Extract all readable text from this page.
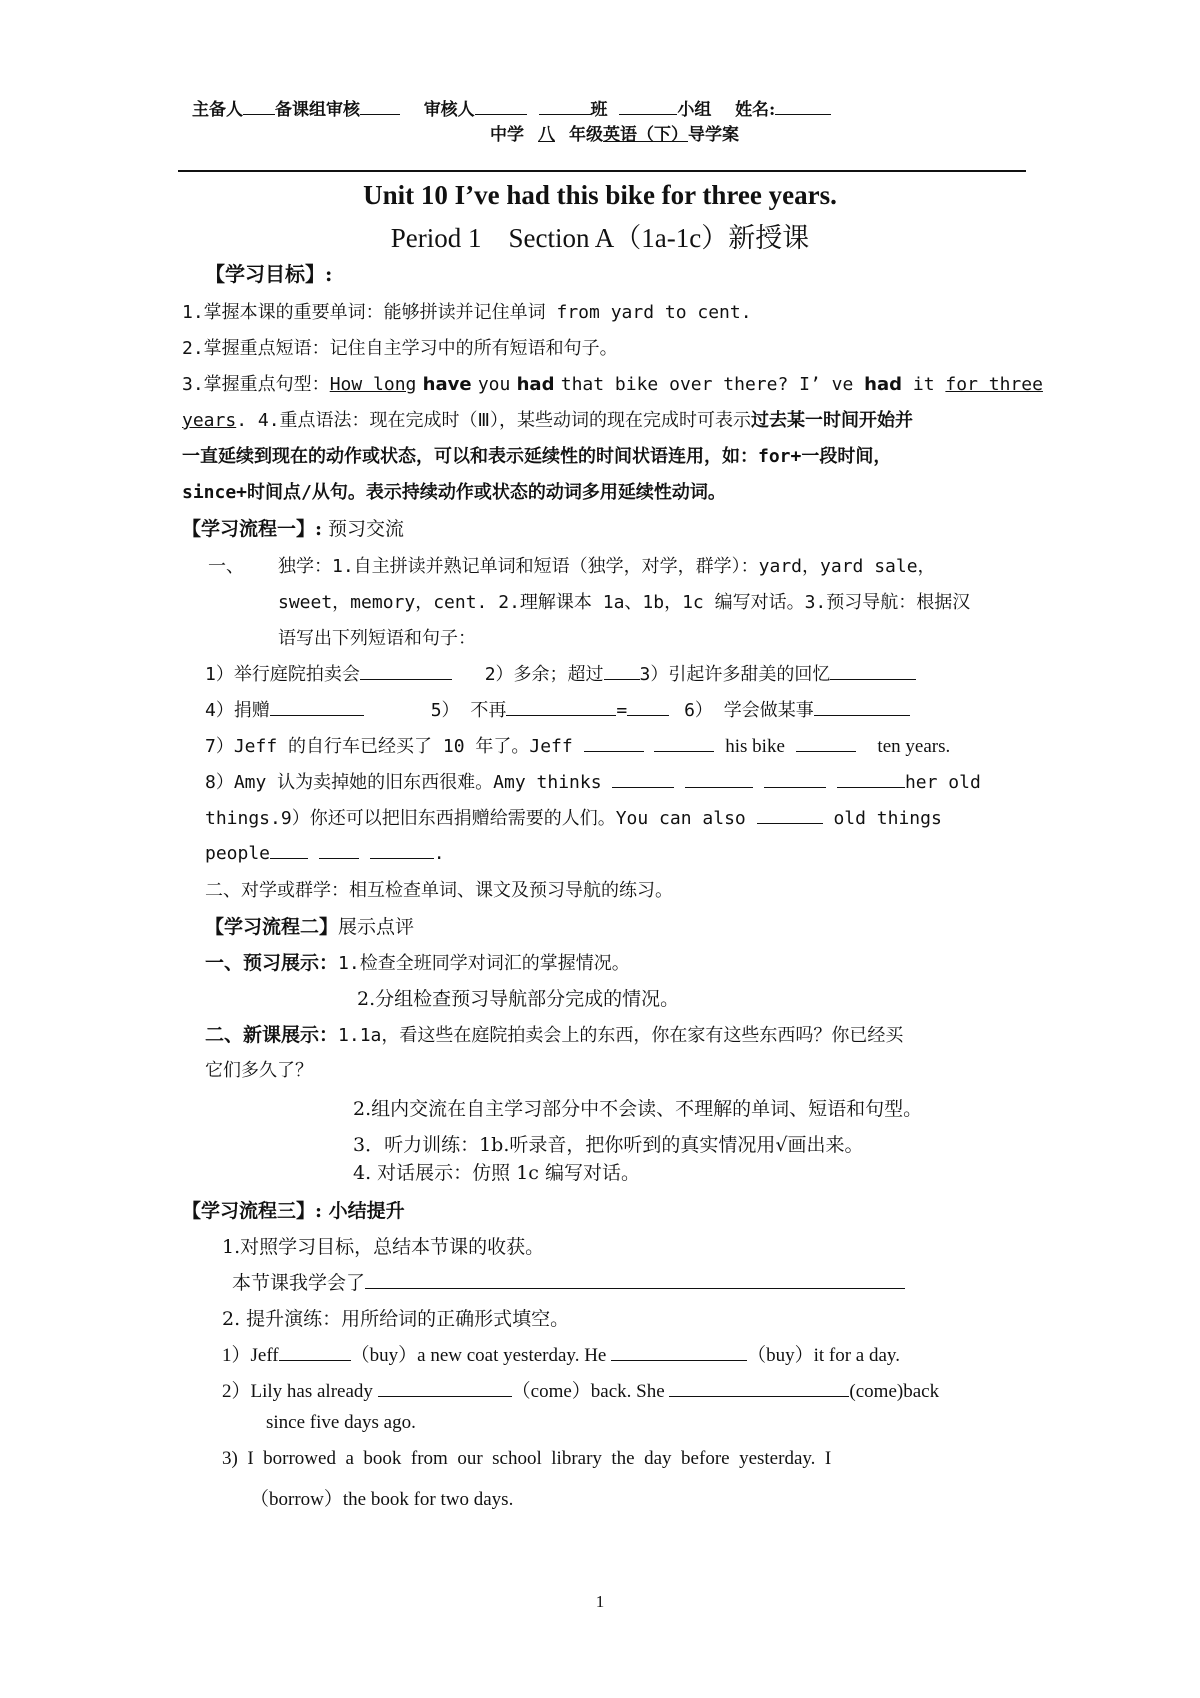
主备人 备课组审核	审核人	班	小组 姓名:
中学 八 年级英语（下）导学案
Unit 10 I’ve had this bike for three years.
Period 1    Section A（1a-1c）新授课
【学习目标】:
1.掌握本课的重要单词：能够拼读并记住单词 from yard to cent.
2.掌握重点短语：记住自主学习中的所有短语和句子。
3.掌握重点句型：How long have you had that bike over there? I’ ve had it for three
years. 4.重点语法：现在完成时（Ⅲ），某些动词的现在完成时可表示过去某一时间开始并
一直延续到现在的动作或状态，可以和表示延续性的时间状语连用，如：for+一段时间，
since+时间点/从句。表示持续动作或状态的动词多用延续性动词。
【学习流程一】: 预习交流
一、 独学：1.自主拼读并熟记单词和短语（独学，对学，群学）：yard，yard sale，
sweet，memory，cent. 2.理解课本 1a、1b，1c 编写对话。3.预习导航：根据汉
语写出下列短语和句子：
1）举行庭院拍卖会	2）多余；超过 3）引起许多甜美的回忆
4）捐赠	5） 不再	=	6） 学会做某事
7）Jeff 的自行车已经买了 10 年了。Jeff	his bike	ten years.
8）Amy 认为卖掉她的旧东西很难。Amy thinks	her old
things.9）你还可以把旧东西捐赠给需要的人们。You can also	old things
people	.
二、对学或群学：相互检查单词、课文及预习导航的练习。
【学习流程二】展示点评
一、预习展示：1.检查全班同学对词汇的掌握情况。
2.分组检查预习导航部分完成的情况。
二、新课展示：1.1a，看这些在庭院拍卖会上的东西，你在家有这些东西吗？你已经买
它们多久了？
2.组内交流在自主学习部分中不会读、不理解的单词、短语和句型。
3．听力训练：1b.听录音，把你听到的真实情况用√画出来。
4. 对话展示：仿照 1c 编写对话。
【学习流程三】: 小结提升
1.对照学习目标，总结本节课的收获。
本节课我学会了
2. 提升演练：用所给词的正确形式填空。
1）Jeff	（buy）a new coat yesterday. He	（buy）it for a day.
2）Lily has already	（come）back. She	(come)back
since five days ago.
3)  I  borrowed  a  book  from  our  school  library  the  day  before  yesterday.  I
（borrow）the book for two days.
1
